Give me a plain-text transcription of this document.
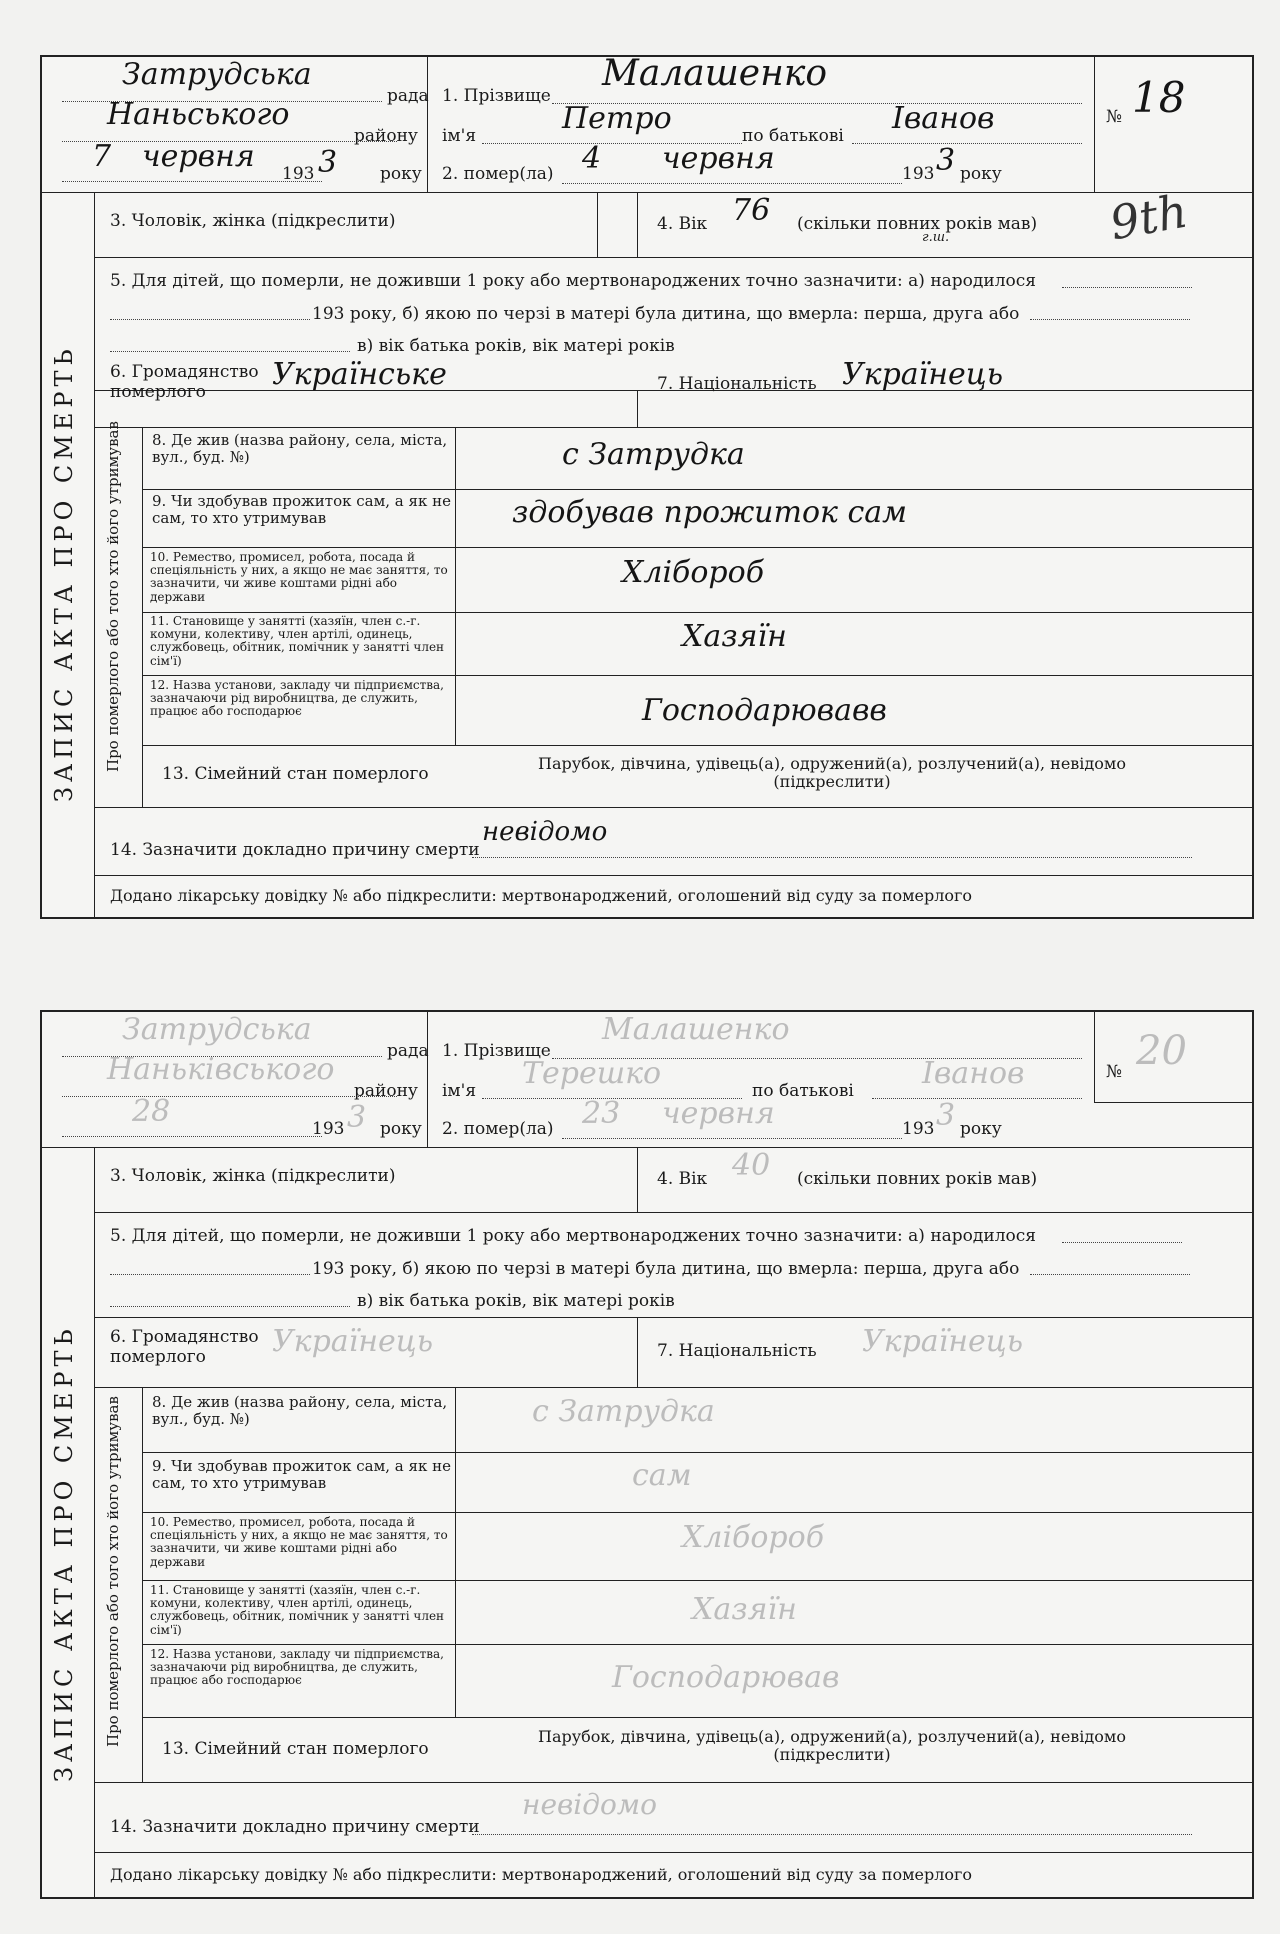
ЗАПИС АКТА ПРО СМЕРТЬ Про померлого або того хто його утримував
Затрудська
рада
Наньського
району
7 червня 193 3	року
1. Прізвище
Малашенко
ім'я	Петро	по батькові Іванов
2. помер(ла) 4 червня	193 3 року
№ 18
3. Чоловік, жінка (підкреслити)	4. Вік 76 (скільки повних років мав)
г.ш.
5. Для дітей, що померли, не доживши 1 року або мертвонароджених точно зазначити: а) народилося
193 року, б) якою по черзі в матері була дитина, що вмерла: перша, друга або
в) вік батька років, вік матері років
6. Громадянство померлого	Українське	7. Національність Українець
8. Де жив (назва району, села, міста, вул., буд. №)	с Затрудка
9. Чи здобував прожиток сам, а як не сам, то хто утримував	здобував прожиток сам
10. Ремество, промисел, робота, посада й спеціяльність у них, а якщо не має заняття, то зазначити, чи живе коштами рідні або держави
Хлібороб
11. Становище у занятті (хазяїн, член с.-г. комуни, колективу, член артілі, одинець, службовець, обітник, помічник у занятті член сім'ї)
Хазяїн
12. Назва установи, закладу чи підприємства, зазначаючи рід виробництва, де служить, працює або господарює	Господарювавв
13. Сімейний стан померлого
Парубок, дівчина, удівець(а), одружений(а), розлучений(а), невідомо (підкреслити)
14. Зазначити докладно причину смерти
невідомо
Додано лікарську довідку № або підкреслити: мертвонароджений, оголошений від суду за померлого
9th
ЗАПИС АКТА ПРО СМЕРТЬ Про померлого або того хто його утримував
Затрудська
рада
Наньківського
району
28	193 3 року
1. Прізвище
Малашенко
ім'я Терешко	по батькові Іванов
2. помер(ла) 23 червня	193 3 року
№ 20
3. Чоловік, жінка (підкреслити)	4. Вік 40 (скільки повних років мав)
5. Для дітей, що померли, не доживши 1 року або мертвонароджених точно зазначити: а) народилося
193 року, б) якою по черзі в матері була дитина, що вмерла: перша, друга або
в) вік батька років, вік матері років
6. Громадянство померлого	Українець	7. Національність Українець
8. Де жив (назва району, села, міста, вул., буд. №)	с Затрудка
9. Чи здобував прожиток сам, а як не сам, то хто утримував	сам
10. Ремество, промисел, робота, посада й спеціяльність у них, а якщо не має заняття, то зазначити, чи живе коштами рідні або держави
Хлібороб
11. Становище у занятті (хазяїн, член с.-г. комуни, колективу, член артілі, одинець, службовець, обітник, помічник у занятті член сім'ї)
Хазяїн
12. Назва установи, закладу чи підприємства, зазначаючи рід виробництва, де служить, працює або господарює	Господарював
13. Сімейний стан померлого
Парубок, дівчина, удівець(а), одружений(а), розлучений(а), невідомо (підкреслити)
14. Зазначити докладно причину смерти
невідомо
Додано лікарську довідку № або підкреслити: мертвонароджений, оголошений від суду за померлого
